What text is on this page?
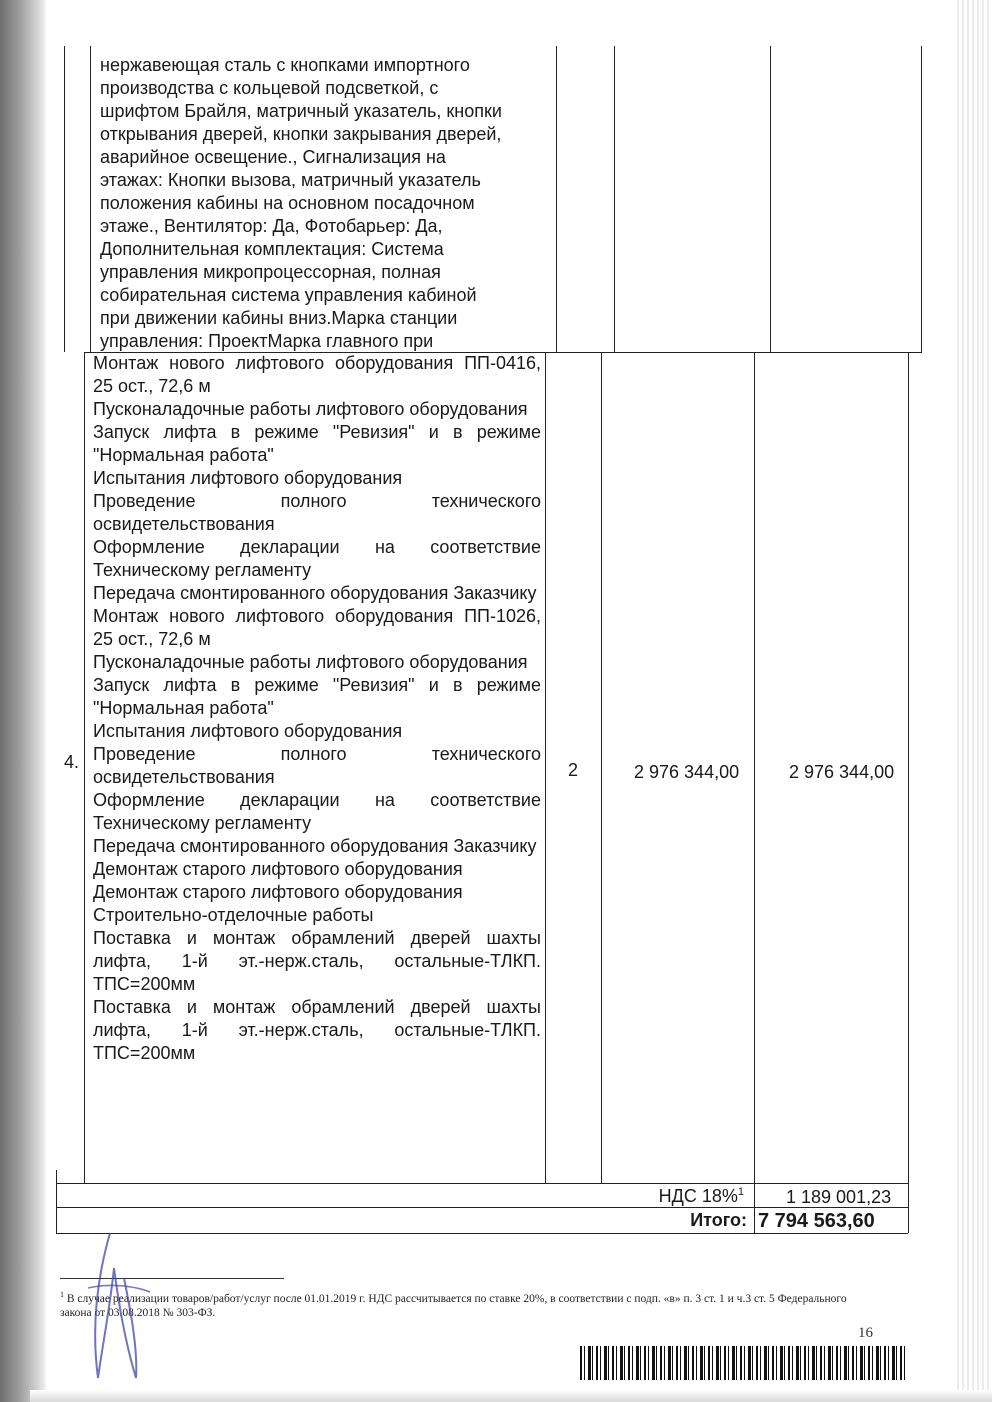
нержавеющая сталь с кнопками импортного
производства с кольцевой подсветкой, с
шрифтом Брайля, матричный указатель, кнопки
открывания дверей, кнопки закрывания дверей,
аварийное освещение., Сигнализация на
этажах: Кнопки вызова, матричный указатель
положения кабины на основном посадочном
этаже., Вентилятор: Да, Фотобарьер: Да,
Дополнительная комплектация: Система
управления микропроцессорная, полная
собирательная система управления кабиной
при движении кабины вниз.Марка станции
управления: ПроектМарка главного при
Монтаж нового лифтового оборудования ПП-0416, 25 ост., 72,6 м
Пусконаладочные работы лифтового оборудования
Запуск лифта в режиме "Ревизия" и в режиме "Нормальная работа"
Испытания лифтового оборудования
Проведение полного технического освидетельствования
Оформление декларации на соответствие Техническому регламенту
Передача смонтированного оборудования Заказчику
Монтаж нового лифтового оборудования ПП-1026, 25 ост., 72,6 м
Пусконаладочные работы лифтового оборудования
Запуск лифта в режиме "Ревизия" и в режиме "Нормальная работа"
Испытания лифтового оборудования
Проведение полного технического освидетельствования
Оформление декларации на соответствие Техническому регламенту
Передача смонтированного оборудования Заказчику
Демонтаж старого лифтового оборудования
Демонтаж старого лифтового оборудования
Строительно-отделочные работы
Поставка и монтаж обрамлений дверей шахты лифта, 1-й эт.-нерж.сталь, остальные-ТЛКП. ТПС=200мм
Поставка и монтаж обрамлений дверей шахты лифта, 1-й эт.-нерж.сталь, остальные-ТЛКП. ТПС=200мм
4.	2	2 976 344,00	2 976 344,00
НДС 18%$^1$ 1 189 001,23
Итого: 7 794 563,60
$^1$ В случае реализации товаров/работ/услуг после 01.01.2019 г. НДС рассчитывается по ставке 20%, в соответствии с подп. «в» п. 3 ст. 1 и ч.3 ст. 5 Федерального закона от 03.08.2018 № 303-ФЗ.
16
